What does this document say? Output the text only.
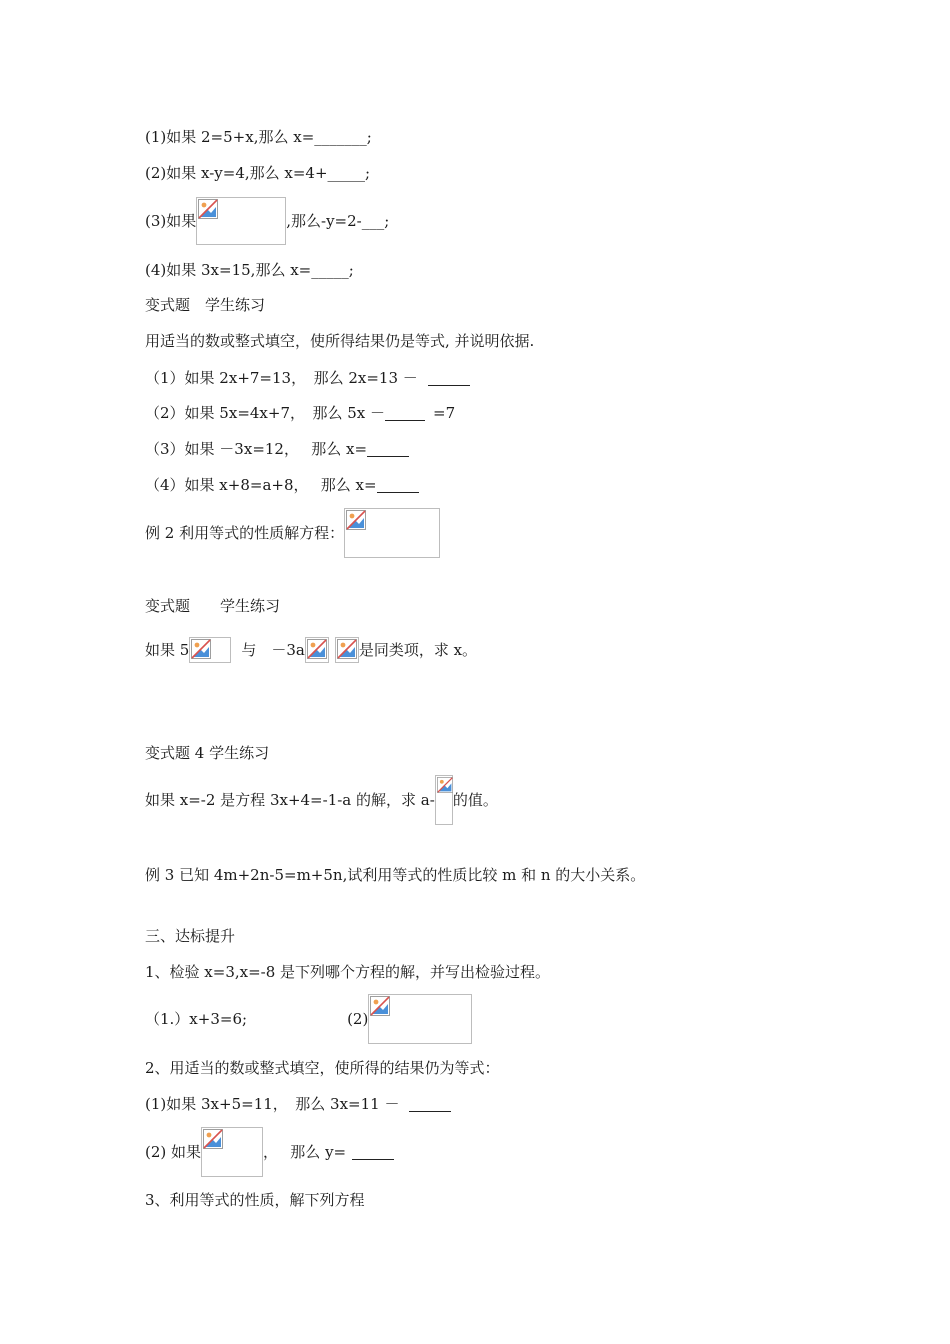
(1)如果 2=5+x,那么 x=_______;
(2)如果 x-y=4,那么 x=4+_____;
(3)如果	,那么-y=2-___;
(4)如果 3x=15,那么 x=_____;
变式题　学生练习
用适当的数或整式填空，使所得结果仍是等式, 并说明依据.
（1）如果 2x+7=13，　那么 2x=13 －
（2）如果 5x=4x+7，　那么 5x －	=7
（3）如果 －3x=12，　 那么 x=
（4）如果 x+8=a+8，　 那么 x=
例 2 利用等式的性质解方程：
变式题　　学生练习
如果 5	与　－3a	是同类项，求 x。
变式题 4 学生练习
如果 x=-2 是方程 3x+4=-1-a 的解，求 a- 的值。
例 3 已知 4m+2n-5=m+5n,试利用等式的性质比较 m 和 n 的大小关系。
三、达标提升
1、检验 x=3,x=-8 是下列哪个方程的解，并写出检验过程。
（1.）x+3=6;	(2)
2、用适当的数或整式填空，使所得的结果仍为等式：
(1)如果 3x+5=11，　那么 3x=11 －
(2) 如果	，　 那么 y=
3、利用等式的性质，解下列方程
